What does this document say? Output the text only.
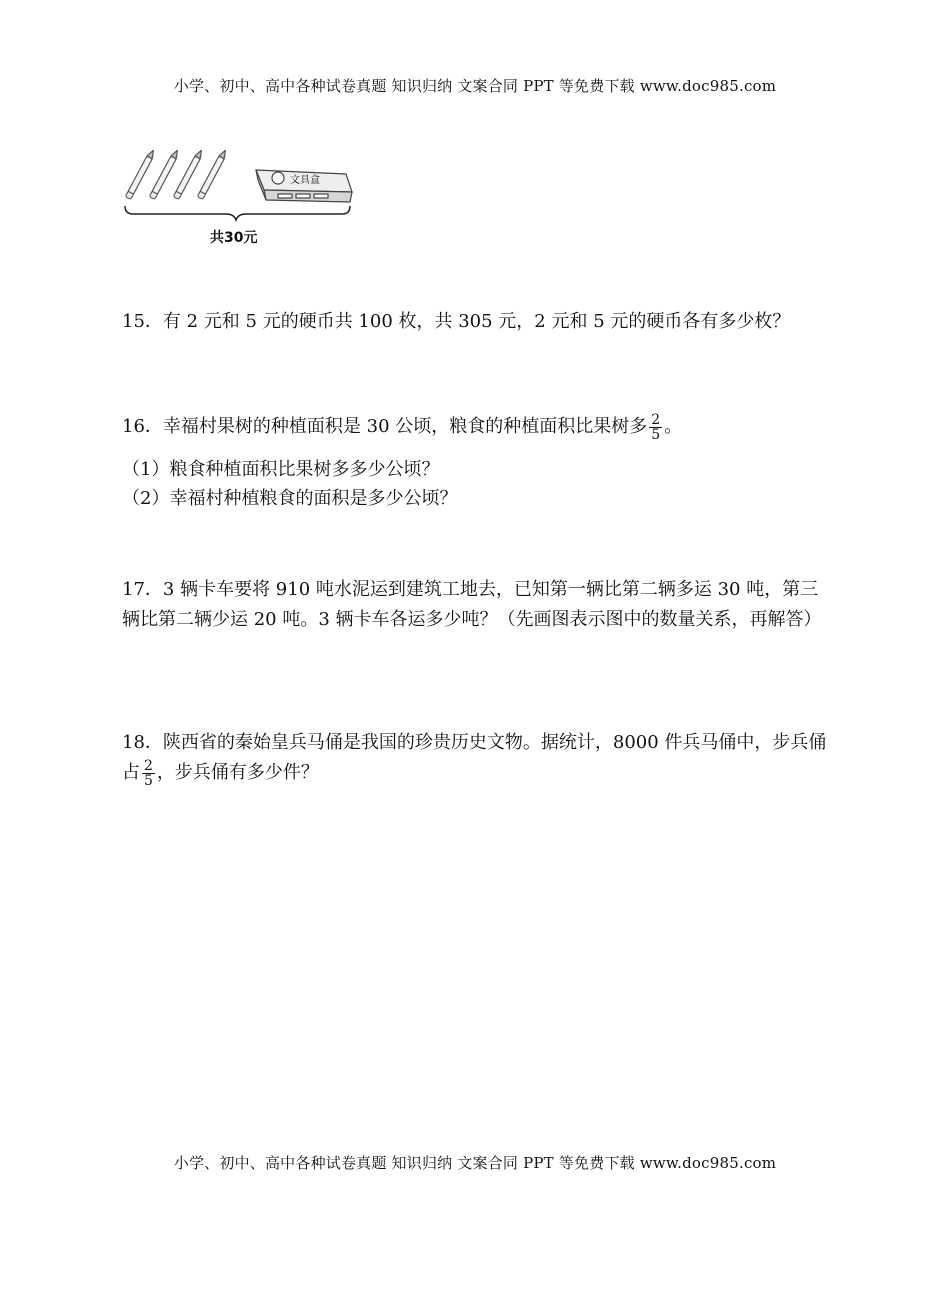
小学、初中、高中各种试卷真题 知识归纳 文案合同 PPT 等免费下载 www.doc985.com
文具盒
共30元
15．有 2 元和 5 元的硬币共 100 枚，共 305 元，2 元和 5 元的硬币各有多少枚？
16．幸福村果树的种植面积是 30 公顷，粮食的种植面积比果树多 $\frac{2}{5}$ 。
（1）粮食种植面积比果树多多少公顷？
（2）幸福村种植粮食的面积是多少公顷？
17．3 辆卡车要将 910 吨水泥运到建筑工地去，已知第一辆比第二辆多运 30 吨，第三辆比第二辆少运 20 吨。3 辆卡车各运多少吨？（先画图表示图中的数量关系，再解答）
18．陕西省的秦始皇兵马俑是我国的珍贵历史文物。据统计，8000 件兵马俑中，步兵俑占 $\frac{2}{5}$ ，步兵俑有多少件？
小学、初中、高中各种试卷真题 知识归纳 文案合同 PPT 等免费下载 www.doc985.com
